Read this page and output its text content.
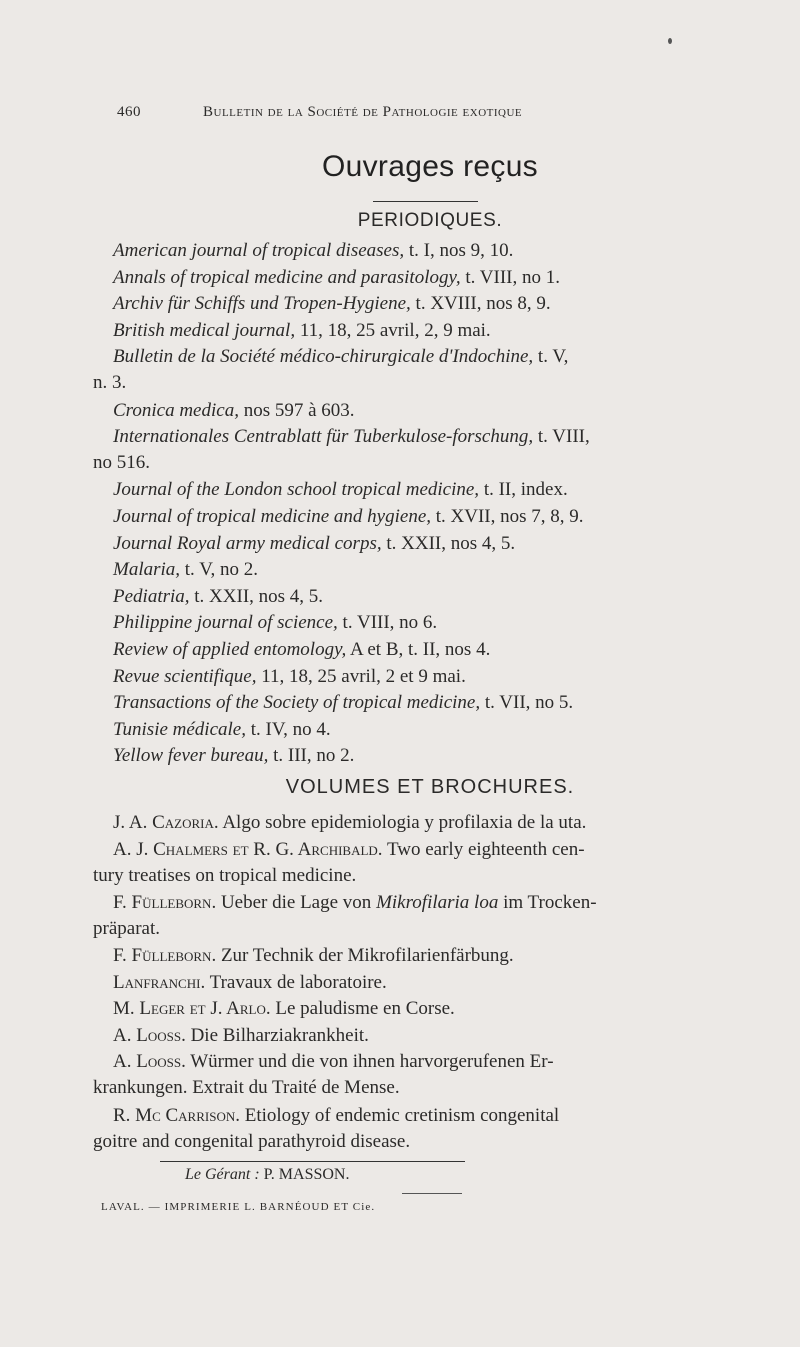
460	Bulletin de la Société de Pathologie exotique
Ouvrages reçus
PERIODIQUES.
American journal of tropical diseases, t. I, nos 9, 10.
Annals of tropical medicine and parasitology, t. VIII, no 1.
Archiv für Schiffs und Tropen-Hygiene, t. XVIII, nos 8, 9.
British medical journal, 11, 18, 25 avril, 2, 9 mai.
Bulletin de la Société médico-chirurgicale d'Indochine, t. V,
n. 3.
Cronica medica, nos 597 à 603.
Internationales Centrablatt für Tuberkulose-forschung, t. VIII,
no 516.
Journal of the London school tropical medicine, t. II, index.
Journal of tropical medicine and hygiene, t. XVII, nos 7, 8, 9.
Journal Royal army medical corps, t. XXII, nos 4, 5.
Malaria, t. V, no 2.
Pediatria, t. XXII, nos 4, 5.
Philippine journal of science, t. VIII, no 6.
Review of applied entomology, A et B, t. II, nos 4.
Revue scientifique, 11, 18, 25 avril, 2 et 9 mai.
Transactions of the Society of tropical medicine, t. VII, no 5.
Tunisie médicale, t. IV, no 4.
Yellow fever bureau, t. III, no 2.
VOLUMES ET BROCHURES.
J. A. Cazoria. Algo sobre epidemiologia y profilaxia de la uta.
A. J. Chalmers et R. G. Archibald. Two early eighteenth cen-
tury treatises on tropical medicine.
F. Fülleborn. Ueber die Lage von Mikrofilaria loa im Trocken-
präparat.
F. Fülleborn. Zur Technik der Mikrofilarienfärbung.
Lanfranchi. Travaux de laboratoire.
M. Leger et J. Arlo. Le paludisme en Corse.
A. Looss. Die Bilharziakrankheit.
A. Looss. Würmer und die von ihnen harvorgerufenen Er-
krankungen. Extrait du Traité de Mense.
R. Mc Carrison. Etiology of endemic cretinism congenital
goitre and congenital parathyroid disease.
Le Gérant : P. MASSON.
LAVAL. — IMPRIMERIE L. BARNÉOUD ET Cie.
